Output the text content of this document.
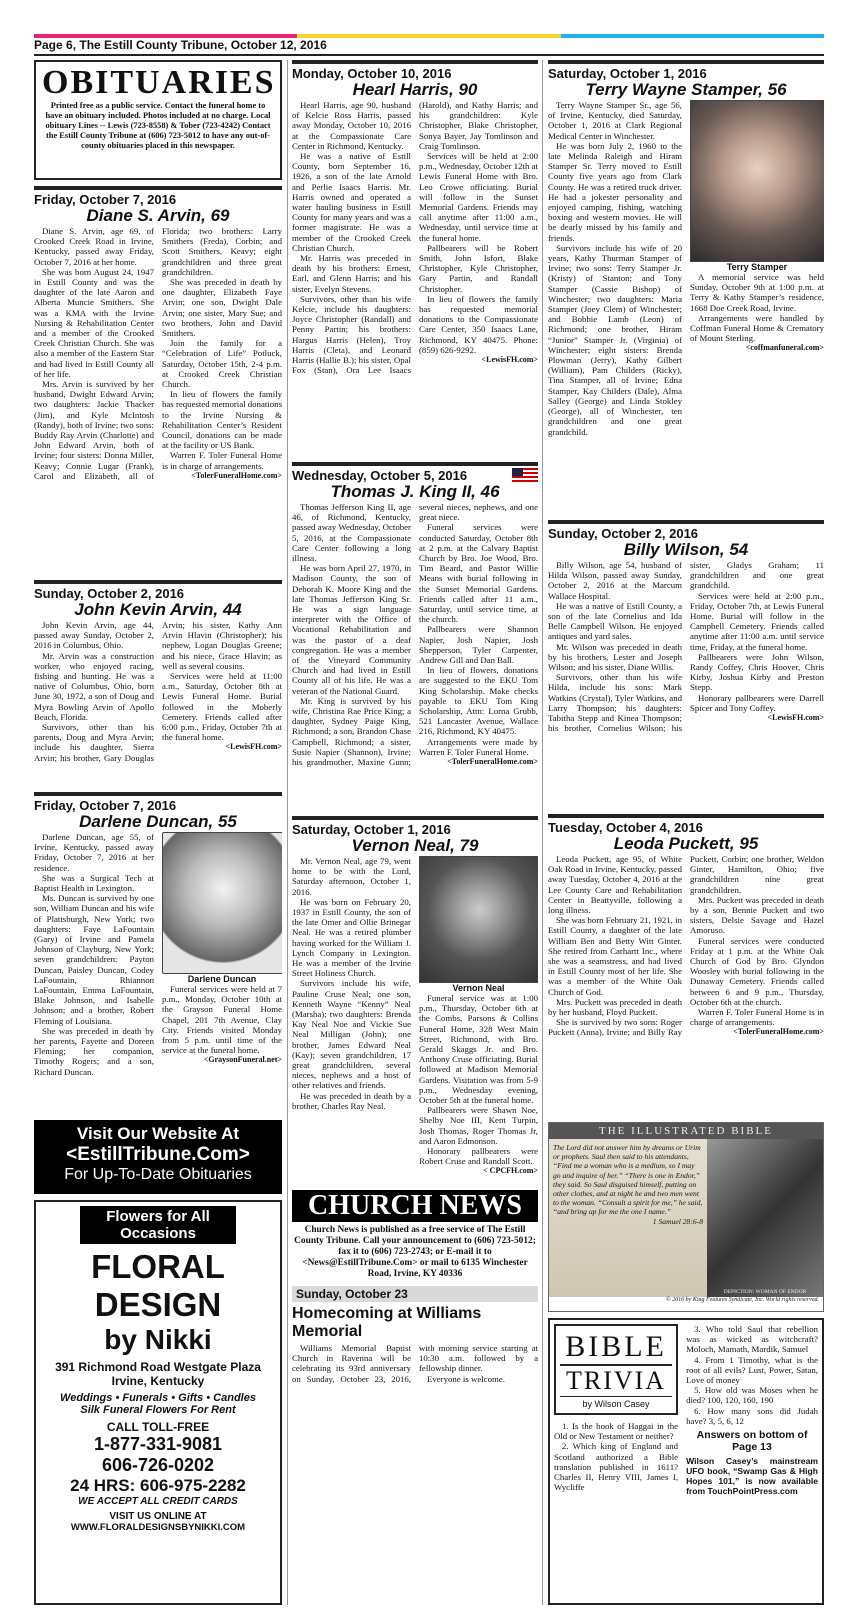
Page 6, The Estill County Tribune, October 12, 2016
OBITUARIES
Printed free as a public service. Contact the funeral home to have an obituary included. Photos included at no charge. Local obituary Lines -- Lewis (723-8558) & Tober (723-4242) Contact the Estill County Tribune at (606) 723-5012 to have any out-of-county obituaries placed in this newspaper.
Friday, October 7, 2016
Diane S. Arvin, 69

Diane S. Arvin, age 69, of Crooked Creek Road in Irvine, Kentucky, passed away Friday, October 7, 2016 at her home.

She was born August 24, 1947 in Estill County and was the daughter of the late Aaron and Alberta Muncie Smithers. She was a KMA with the Irvine Nursing & Rehabilitation Center and a member of the Crooked Creek Christian Church. She was also a member of the Eastern Star and had lived in Estill County all of her life.

Mrs. Arvin is survived by her husband, Dwight Edward Arvin; two daughters: Jackie Thacker (Jim), and Kyle McIntosh (Randy), both of Irvine; two sons: Buddy Ray Arvin (Charlotte) and John Edward Arvin, both of Irvine; four sisters: Donna Miller, Keavy; Connie Lugar (Frank), Carol and Elizabeth, all of Florida; two brothers: Larry Smithers (Freda), Corbin; and Scott Smithers, Keavy; eight grandchildren and three great grandchildren.

She was preceded in death by one daughter, Elizabeth Faye Arvin; one son, Dwight Dale Arvin; one sister, Mary Sue; and two brothers, John and David Smithers.

Join the family for a “Celebration of Life” Potluck, Saturday, October 15th, 2-4 p.m. at Crooked Creek Christian Church.

In lieu of flowers the family has requested memorial donations to the Irvine Nursing & Rehabilitation Center’s Resident Council, donations can be made at the facility or US Bank.

Warren F. Toler Funeral Home is in charge of arrangements.

<TolerFuneralHome.com>
Sunday, October 2, 2016
John Kevin Arvin, 44

John Kevin Arvin, age 44, passed away Sunday, October 2, 2016 in Columbus, Ohio.

Mr. Arvin was a construction worker, who enjoyed racing, fishing and hunting. He was a native of Columbus, Ohio, born June 30, 1972, a son of Doug and Myra Bowling Arvin of Apollo Beach, Florida.

Survivors, other than his parents, Doug and Myra Arvin; include his daughter, Sierra Arvin; his brother, Gary Douglas Arvin; his sister, Kathy Ann Arvin Hlavin (Christopher); his nephew, Logan Douglas Greene; and his niece, Grace Hlavin; as well as several cousins.

Services were held at 11:00 a.m., Saturday, October 8th at Lewis Funeral Home. Burial followed in the Moberly Cemetery. Friends called after 6:00 p.m., Friday, October 7th at the funeral home.

<LewisFH.com>
Friday, October 7, 2016
Darlene Duncan, 55

Darlene Duncan, age 55, of Irvine, Kentucky, passed away Friday, October 7, 2016 at her residence.

She was a Surgical Tech at Baptist Health in Lexington.

Ms. Duncan is survived by one son, William Duncan and his wife of Plattsburgh, New York; two daughters: Faye LaFountain (Gary) of Irvine and Pamela Johnson of Clayburg, New York; seven grandchildren: Payton Duncan, Paisley Duncan, Codey LaFountain, Rhiannon LaFountain, Emma LaFountain, Blake Johnson, and Isabelle Johnson; and a brother, Robert Fleming of Louisiana.

She was preceded in death by her parents, Fayette and Doreen Fleming; her companion, Timothy Rogers; and a son, Richard Duncan.

Darlene Duncan

Funeral services were held at 7 p.m., Monday, October 10th at the Grayson Funeral Home Chapel, 201 7th Avenue, Clay City. Friends visited Monday from 5 p.m. until time of the service at the funeral home.

<GraysonFuneral.net>
Visit Our Website At
<EstillTribune.Com>
For Up-To-Date Obituaries
Flowers for All Occasions
FLORAL DESIGN
by Nikki
391 Richmond Road Westgate Plaza
Irvine, Kentucky
Weddings • Funerals • Gifts • Candles
Silk Funeral Flowers For Rent
CALL TOLL-FREE
1-877-331-9081
606-726-0202
24 HRS: 606-975-2282
WE ACCEPT ALL CREDIT CARDS
VISIT US ONLINE AT
WWW.FLORALDESIGNSBYNIKKI.COM
Monday, October 10, 2016
Hearl Harris, 90

Hearl Harris, age 90, husband of Kelcie Ross Harris, passed away Monday, October 10, 2016 at the Compassionate Care Center in Richmond, Kentucky.

He was a native of Estill County, born September 16, 1926, a son of the late Arnold and Perlie Isaacs Harris. Mr. Harris owned and operated a water hauling business in Estill County for many years and was a former magistrate. He was a member of the Crooked Creek Christian Church.

Mr. Harris was preceded in death by his brothers: Ernest, Earl, and Glenn Harris; and his sister, Evelyn Stevens.

Survivors, other than his wife Kelcie, include his daughters: Joyce Christopher (Randall) and Penny Partin; his brothers: Hargus Harris (Helen), Troy Harris (Cleta), and Leonard Harris (Hallie B.); his sister, Opal Fox (Stan), Ora Lee Isaacs (Harold), and Kathy Harris; and his grandchildren: Kyle Christopher, Blake Christopher, Sonya Bayer, Jay Tomlinson and Craig Tomlinson.

Services will be held at 2:00 p.m., Wednesday, October 12th at Lewis Funeral Home with Bro. Leo Crowe officiating. Burial will follow in the Sunset Memorial Gardens. Friends may call anytime after 11:00 a.m., Wednesday, until service time at the funeral home.

Pallbearers will be Robert Smith, John Isfort, Blake Christopher, Kyle Christopher, Gary Partin, and Randall Christopher.

In lieu of flowers the family has requested memorial donations to the Compassionate Care Center, 350 Isaacs Lane, Richmond, KY 40475. Phone: (859) 626-9292.

<LewisFH.com>
Wednesday, October 5, 2016
Thomas J. King II, 46

Thomas Jefferson King II, age 46, of Richmond, Kentucky, passed away Wednesday, October 5, 2016, at the Compassionate Care Center following a long illness.

He was born April 27, 1970, in Madison County, the son of Deborah K. Moore King and the late Thomas Jefferson King Sr. He was a sign language interpreter with the Office of Vocational Rehabilitation and was the pastor of a deaf congregation. He was a member of the Vineyard Community Church and had lived in Estill County all of his life. He was a veteran of the National Guard.

Mr. King is survived by his wife, Christina Rae Price King; a daughter, Sydney Paige King, Richmond; a son, Brandon Chase Campbell, Richmond; a sister, Susie Napier (Shannon), Irvine; his grandmother, Maxine Gunn; several nieces, nephews, and one great niece.

Funeral services were conducted Saturday, October 8th at 2 p.m. at the Calvary Baptist Church by Bro. Joe Wood, Bro. Tim Beard, and Pastor Willie Means with burial following in the Sunset Memorial Gardens. Friends called after 11 a.m., Saturday, until service time, at the church.

Pallbearers were Shannon Napier, Josh Napier, Josh Shepperson, Tyler Carpenter, Andrew Gill and Dan Ball.

In lieu of flowers, donations are suggested to the EKU Tom King Scholarship. Make checks payable to EKU Tom King Scholarship, Attn: Lorna Grubb, 521 Lancaster Avenue, Wallace 216, Richmond, KY 40475.

Arrangements were made by Warren F. Toler Funeral Home.

<TolerFuneralHome.com>
Saturday, October 1, 2016
Vernon Neal, 79

Mr. Vernon Neal, age 79, went home to be with the Lord, Saturday afternoon, October 1, 2016.

He was born on February 20, 1937 in Estill County, the son of the late Omer and Ollie Brinegar Neal. He was a retired plumber having worked for the William J. Lynch Company in Lexington. He was a member of the Irvine Street Holiness Church.

Survivors include his wife, Pauline Cruse Neal; one son, Kenneth Wayne “Kenny” Neal (Marsha); two daughters: Brenda Kay Neal Noe and Vickie Sue Neal Milligan (John); one brother, James Edward Neal (Kay); seven grandchildren, 17 great grandchildren, several nieces, nephews and a host of other relatives and friends.

He was preceded in death by a brother, Charles Ray Neal.

Vernon Neal

Funeral service was at 1:00 p.m., Thursday, October 6th at the Combs, Parsons & Collins Funeral Home, 328 West Main Street, Richmond, with Bro. Gerald Skaggs Jr. and Bro. Anthony Cruse officiating. Burial followed at Madison Memorial Gardens. Visitation was from 5-9 p.m., Wednesday evening, October 5th at the funeral home.

Pallbearers were Shawn Noe, Shelby Noe III, Kent Turpin, Josh Thomas, Roger Thomas Jr, and Aaron Edmonson.

Honorary pallbearers were Robert Cruse and Randall Scott.

< CPCFH.com>
CHURCH NEWS
Church News is published as a free service of The Estill County Tribune. Call your announcement to (606) 723-5012; fax it to (606) 723-2743; or E-mail it to <News@EstillTribune.Com> or mail to 6135 Winchester Road, Irvine, KY 40336
Sunday, October 23
Homecoming at Williams Memorial

Williams Memorial Baptist Church in Ravenna will be celebrating its 93rd anniversary on Sunday, October 23, 2016, with morning service starting at 10:30 a.m. followed by a fellowship dinner.

Everyone is welcome.

Saturday, October 1, 2016
Terry Wayne Stamper, 56

Terry Wayne Stamper Sr., age 56, of Irvine, Kentucky, died Saturday, October 1, 2016 at Clark Regional Medical Center in Winchester.

He was born July 2, 1960 to the late Melinda Raleigh and Hiram Stamper Sr. Terry moved to Estill County five years ago from Clark County. He was a retired truck driver. He had a jokester personality and enjoyed camping, fishing, watching boxing and western movies. He will be dearly missed by his family and friends.

Survivors include his wife of 20 years, Kathy Thurman Stamper of Irvine; two sons: Terry Stamper Jr. (Kristy) of Stanton; and Tony Stamper (Cassie Bishop) of Winchester; two daughters: Maria Stamper (Joey Clem) of Winchester; and Bobbie Lamb (Leon) of Richmond; one brother, Hiram “Junior” Stamper Jr. (Virginia) of Winchester; eight sisters: Brenda Plowman (Jerry), Kathy Gilbert (William), Pam Childers (Ricky), Tina Stamper, all of Irvine; Edna Stamper, Kay Childers (Dale), Alma Salley (George) and Linda Stokley (George), all of Winchester, ten grandchildren and one great grandchild.

Terry Stamper

A memorial service was held Sunday, October 9th at 1:00 p.m. at Terry & Kathy Stamper’s residence, 1668 Doe Creek Road, Irvine.

Arrangements were handled by Coffman Funeral Home & Crematory of Mount Sterling.

<coffmanfuneral.com>
Sunday, October 2, 2016
Billy Wilson, 54

Billy Wilson, age 54, husband of Hilda Wilson, passed away Sunday, October 2, 2016 at the Marcum Wallace Hospital.

He was a native of Estill County, a son of the late Cornelius and Ida Belle Campbell Wilson. He enjoyed antiques and yard sales.

Mr. Wilson was preceded in death by his brothers, Lester and Joseph Wilson; and his sister, Diane Willis.

Survivors, other than his wife Hilda, include his sons: Mark Watkins (Crystal), Tyler Watkins, and Larry Thompson; his daughters: Tabitha Stepp and Kinea Thompson; his brother, Cornelius Wilson; his sister, Gladys Graham; 11 grandchildren and one great grandchild.

Services were held at 2:00 p.m., Friday, October 7th, at Lewis Funeral Home. Burial will follow in the Campbell Cemetery. Friends called anytime after 11:00 a.m. until service time, Friday, at the funeral home.

Pallbearers were John Wilson, Randy Coffey, Chris Hoover, Chris Kirby, Joshua Kirby and Preston Stepp.

Honorary pallbearers were Darrell Spicer and Tony Coffey.

<LewisFH.com>
Tuesday, October 4, 2016
Leoda Puckett, 95

Leoda Puckett, age 95, of White Oak Road in Irvine, Kentucky, passed away Tuesday, October 4, 2016 at the Lee County Care and Rehabilitation Center in Beattyville, following a long illness.

She was born February 21, 1921, in Estill County, a daughter of the late William Ben and Betty Witt Ginter. She retired from Carhartt Inc., where she was a seamstress, and had lived in Estill County most of her life. She was a member of the White Oak Church of God.

Mrs. Puckett was preceded in death by her husband, Floyd Puckett.

She is survived by two sons: Roger Puckett (Anna), Irvine; and Billy Ray Puckett, Corbin; one brother, Weldon Ginter, Hamilton, Ohio; five grandchildren nine great grandchildren.

Mrs. Puckett was preceded in death by a son, Bennie Puckett and two sisters, Delsie Savage and Hazel Amoruso.

Funeral services were conducted Friday at 1 p.m. at the White Oak Church of God by Bro. Glyndon Woosley with burial following in the Dunaway Cemetery. Friends called between 6 and 9 p.m., Thursday, October 6th at the church.

Warren F. Toler Funeral Home is in charge of arrangements.

<TolerFuneralHome.com>
THE ILLUSTRATED BIBLE
The Lord did not answer him by dreams or Urim or prophets. Saul then said to his attendants, “Find me a woman who is a medium, so I may go and inquire of her.” “There is one in Endor,” they said. So Saul disguised himself, putting on other clothes, and at night he and two men went to the woman. “Consult a spirit for me,” he said, “and bring up for me the one I name.”
1 Samuel 28:6-8
DEPICTION: WOMAN OF ENDOR
© 2016 by King Features Syndicate, Inc. World rights reserved.
BIBLE
TRIVIA
by Wilson Casey

1. Is the book of Haggai in the Old or New Testament or neither?

2. Which king of England and Scotland authorized a Bible translation published in 1611? Charles II, Henry VIII, James I, Wycliffe

3. Who told Saul that rebellion was as wicked as witchcraft? Moloch, Mamath, Mardik, Samuel

4. From 1 Timothy, what is the root of all evils? Lust, Power, Satan, Love of money

5. How old was Moses when he died? 100, 120, 160, 190

6. How many sons did Judah have? 3, 5, 6, 12

Answers on bottom of Page 13
Wilson Casey’s mainstream UFO book, “Swamp Gas & High Hopes 101,” is now available from TouchPointPress.com
